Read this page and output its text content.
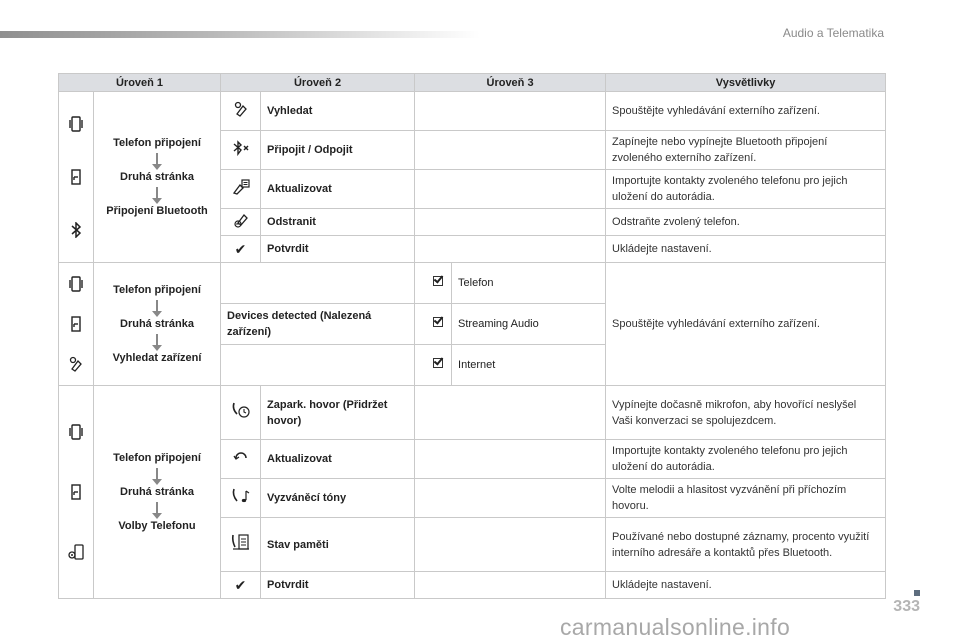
Audio a Telematika
333
Úroveň 1		Úroveň 2		Úroveň 3		Vysvětlivky

Telefon připojení
Druhá stránka
Připojení Bluetooth		Vyhledat			Spouštějte vyhledávání externího zařízení.
	Připojit / Odpojit			Zapínejte nebo vypínejte Bluetooth připojení zvoleného externího zařízení.
	Aktualizovat			Importujte kontakty zvoleného telefonu pro jejich uložení do autorádia.
	Odstranit			Odstraňte zvolený telefon.
		✔	Potvrdit			Ukládejte nastavení.

Telefon připojení
Druhá stránka
Vyhledat zařízení				Telefon	Spouštějte vyhledávání externího zařízení.
		Devices detected (Nalezená zařízení)			Streaming Audio	
					Internet	

Telefon připojení
Druhá stránka
Volby Telefonu		Zapark. hovor (Přidržet hovor)			Vypínejte dočasně mikrofon, aby hovořící neslyšel Vaši konverzaci se spolujezdcem.
	Aktualizovat			Importujte kontakty zvoleného telefonu pro jejich uložení do autorádia.
	Vyzváněcí tóny			Volte melodii a hlasitost vyzvánění při příchozím hovoru.
	Stav paměti			Používané nebo dostupné záznamy, procento využití interního adresáře a kontaktů přes Bluetooth.
		✔	Potvrdit			Ukládejte nastavení.
carmanualsonline.info
